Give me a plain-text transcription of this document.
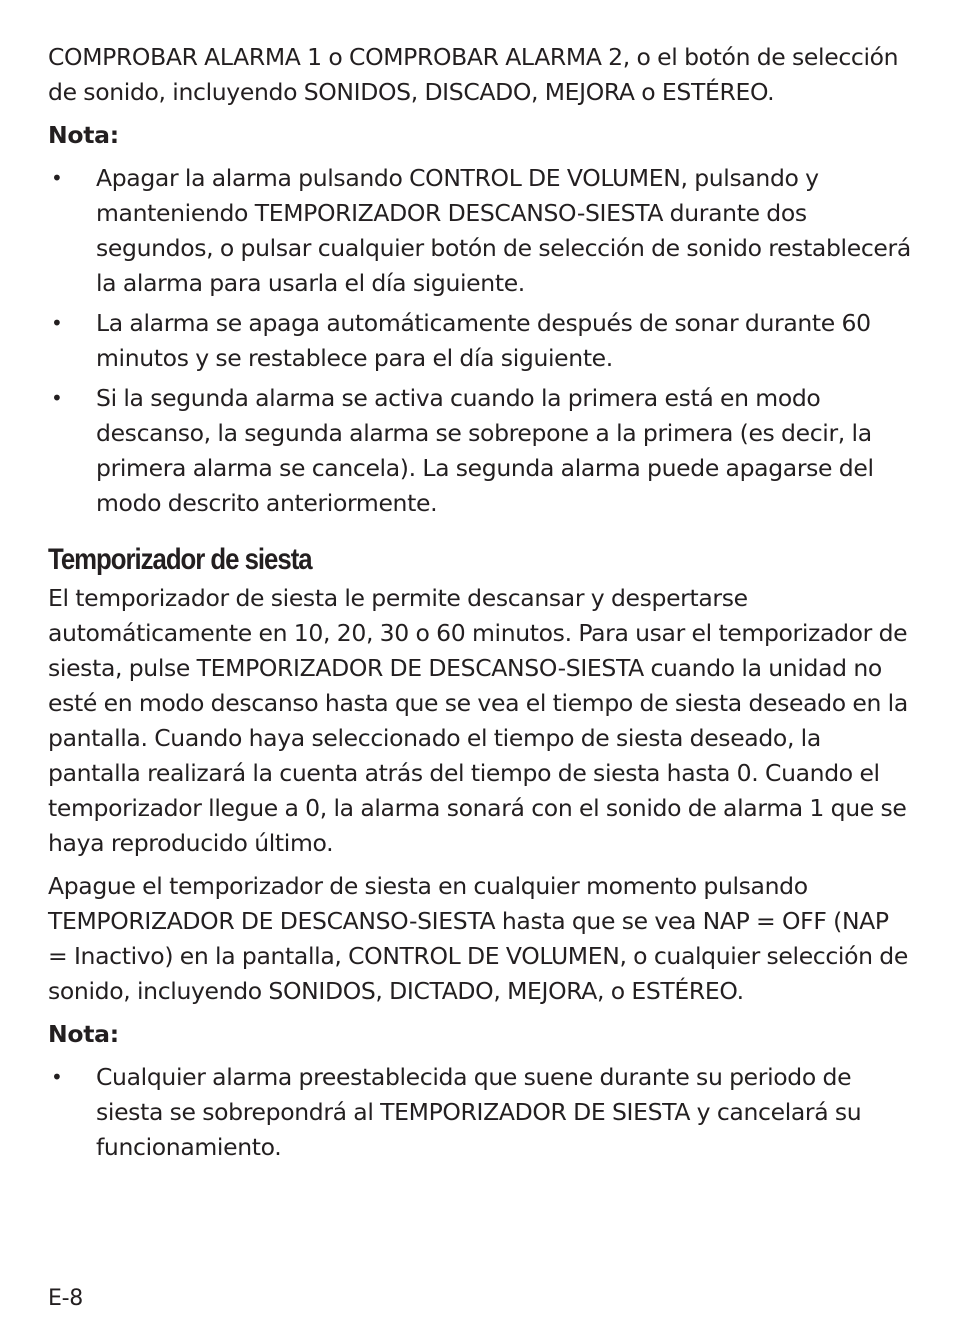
COMPROBAR ALARMA 1 o COMPROBAR ALARMA 2, o el botón de selección de sonido, incluyendo SONIDOS, DISCADO, MEJORA o ESTÉREO.

Nota:
• Apagar la alarma pulsando CONTROL DE VOLUMEN, pulsando y manteniendo TEMPORIZADOR DESCANSO-SIESTA durante dos segundos, o pulsar cualquier botón de selección de sonido restablecerá la alarma para usarla el día siguiente.
• La alarma se apaga automáticamente después de sonar durante 60 minutos y se restablece para el día siguiente.
• Si la segunda alarma se activa cuando la primera está en modo descanso, la segunda alarma se sobrepone a la primera (es decir, la primera alarma se cancela). La segunda alarma puede apagarse del modo descrito anteriormente.
Temporizador de siesta

El temporizador de siesta le permite descansar y despertarse automáticamente en 10, 20, 30 o 60 minutos. Para usar el temporizador de siesta, pulse TEMPORIZADOR DE DESCANSO-SIESTA cuando la unidad no esté en modo descanso hasta que se vea el tiempo de siesta deseado en la pantalla. Cuando haya seleccionado el tiempo de siesta deseado, la pantalla realizará la cuenta atrás del tiempo de siesta hasta 0. Cuando el temporizador llegue a 0, la alarma sonará con el sonido de alarma 1 que se haya reproducido último.

Apague el temporizador de siesta en cualquier momento pulsando TEMPORIZADOR DE DESCANSO-SIESTA hasta que se vea NAP = OFF (NAP = Inactivo) en la pantalla, CONTROL DE VOLUMEN, o cualquier selección de sonido, incluyendo SONIDOS, DICTADO, MEJORA, o ESTÉREO.

Nota:
• Cualquier alarma preestablecida que suene durante su periodo de siesta se sobrepondrá al TEMPORIZADOR DE SIESTA y cancelará su funcionamiento.
E-8
